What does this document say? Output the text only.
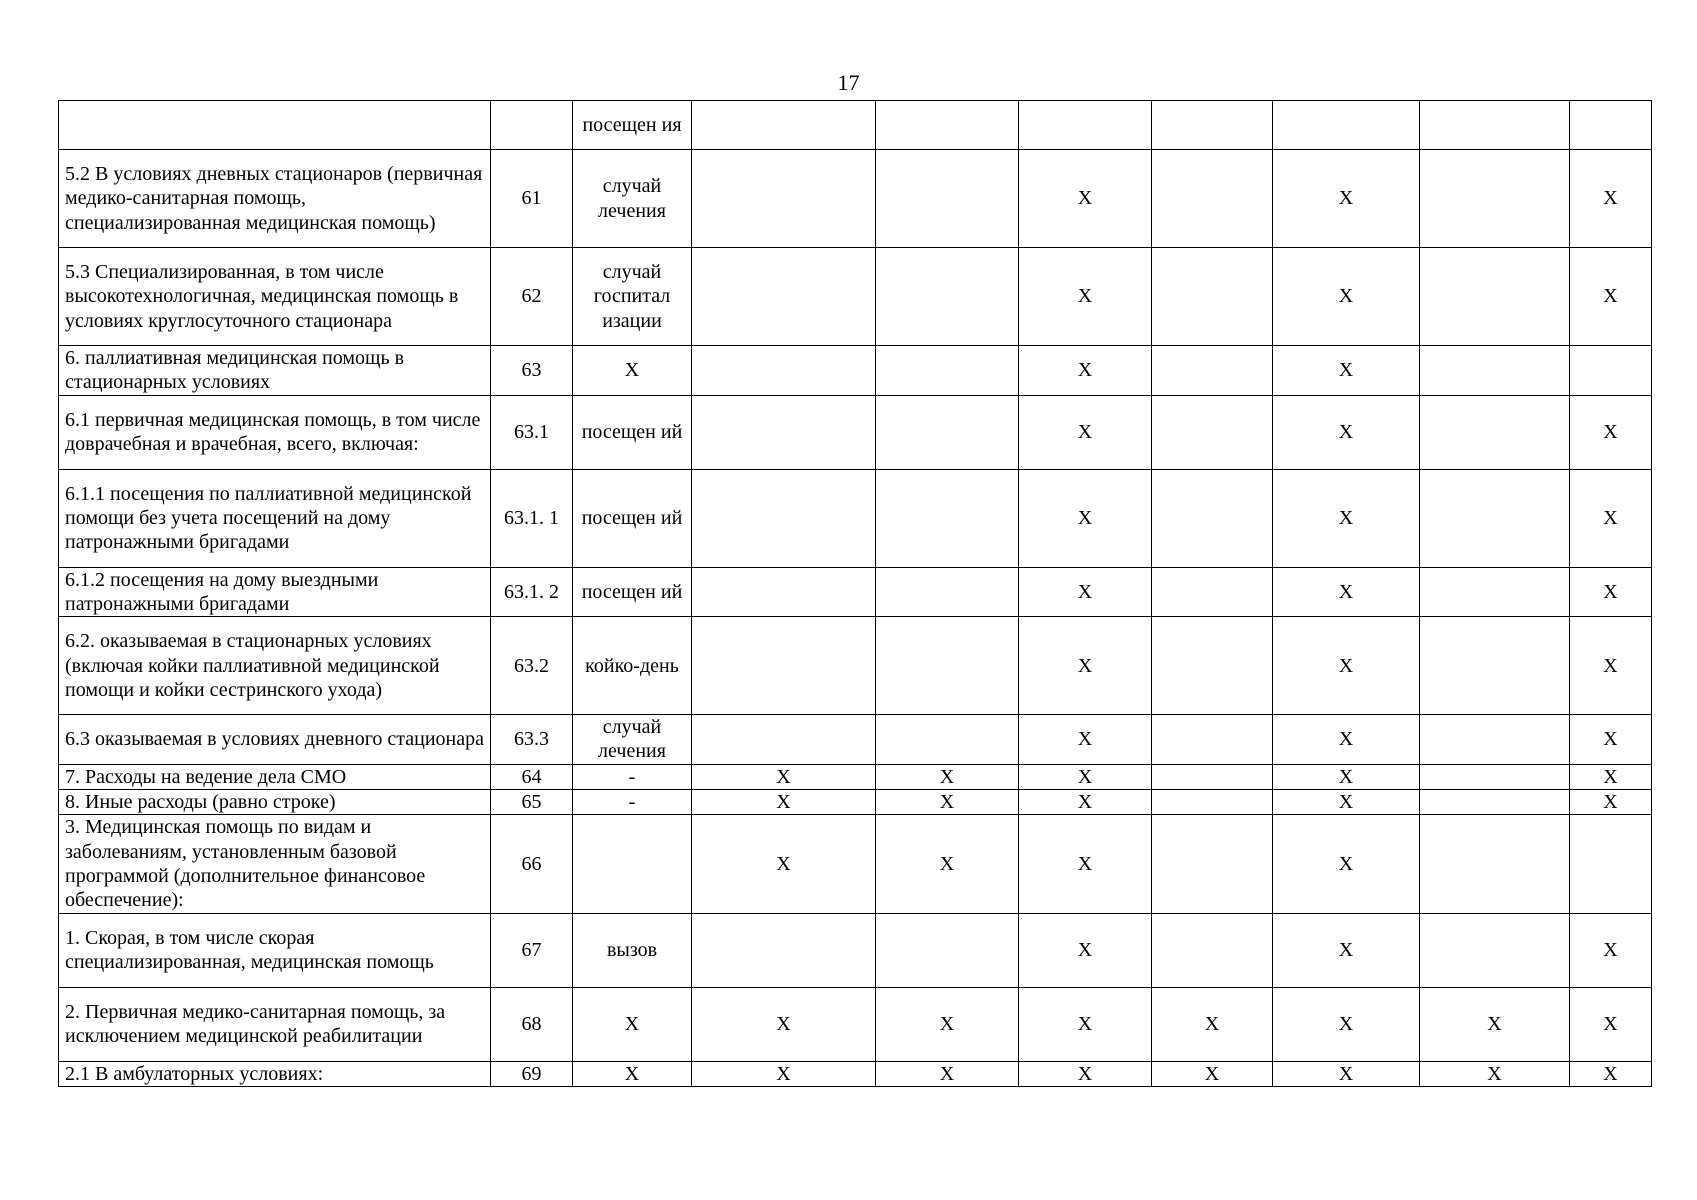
17
		посещен ия							
5.2 В условиях дневных стационаров (первичная медико-санитарная помощь, специализированная медицинская помощь)	61	случай лечения			X		X		X
5.3 Специализированная, в том числе высокотехнологичная, медицинская помощь в условиях круглосуточного стационара	62	случай госпитал изации			X		X		X
6. паллиативная медицинская помощь в стационарных условиях	63	X			X		X		
6.1 первичная медицинская помощь, в том числе доврачебная и врачебная, всего, включая:	63.1	посещен ий			X		X		X
6.1.1 посещения по паллиативной медицинской помощи без учета посещений на дому патронажными бригадами	63.1. 1	посещен ий			X		X		X
6.1.2 посещения на дому выездными патронажными бригадами	63.1. 2	посещен ий			X		X		X
6.2. оказываемая в стационарных условиях (включая койки паллиативной медицинской помощи и койки сестринского ухода)	63.2	койко-день			X		X		X
6.3 оказываемая в условиях дневного стационара	63.3	случай лечения			X		X		X
7. Расходы на ведение дела СМО	64	-	X	X	X		X		X
8. Иные расходы (равно строке)	65	-	X	X	X		X		X
3. Медицинская помощь по видам и заболеваниям, установленным базовой программой (дополнительное финансовое обеспечение):	66		X	X	X		X		
1. Скорая, в том числе скорая специализированная, медицинская помощь	67	вызов			X		X		X
2. Первичная медико-санитарная помощь, за исключением медицинской реабилитации	68	X	X	X	X	X	X	X	X
2.1 В амбулаторных условиях:	69	X	X	X	X	X	X	X	X
